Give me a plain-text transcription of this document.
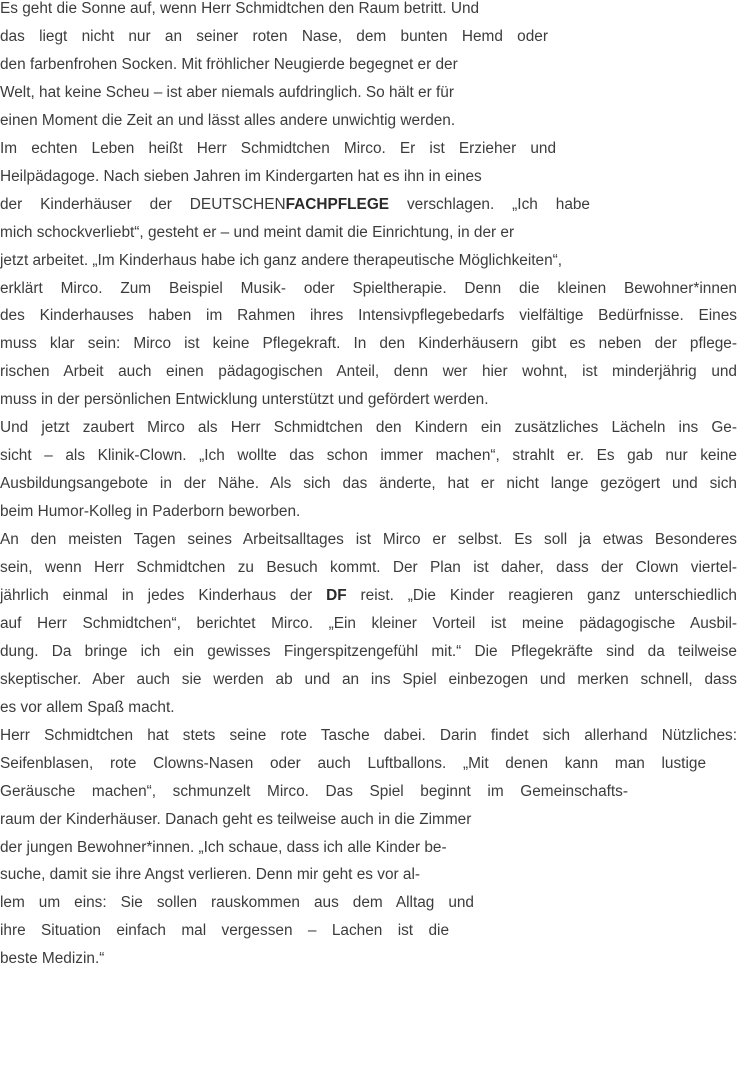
Es geht die Sonne auf, wenn Herr Schmidtchen den Raum betritt. Und
das liegt nicht nur an seiner roten Nase, dem bunten Hemd oder
den farbenfrohen Socken. Mit fröhlicher Neugierde begegnet er der
Welt, hat keine Scheu – ist aber niemals aufdringlich. So hält er für
einen Moment die Zeit an und lässt alles andere unwichtig werden.
Im echten Leben heißt Herr Schmidtchen Mirco. Er ist Erzieher und
Heilpädagoge. Nach sieben Jahren im Kindergarten hat es ihn in eines
der Kinderhäuser der DEUTSCHENFACHPFLEGE verschlagen. „Ich habe
mich schockverliebt“, gesteht er – und meint damit die Einrichtung, in der er
jetzt arbeitet. „Im Kinderhaus habe ich ganz andere therapeutische Möglichkeiten“,
erklärt Mirco. Zum Beispiel Musik- oder Spieltherapie. Denn die kleinen Bewohner*innen
des Kinderhauses haben im Rahmen ihres Intensivpflegebedarfs vielfältige Bedürfnisse. Eines
muss klar sein: Mirco ist keine Pflegekraft. In den Kinderhäusern gibt es neben der pflege-
rischen Arbeit auch einen pädagogischen Anteil, denn wer hier wohnt, ist minderjährig und
muss in der persönlichen Entwicklung unterstützt und gefördert werden.
Und jetzt zaubert Mirco als Herr Schmidtchen den Kindern ein zusätzliches Lächeln ins Ge-
sicht – als Klinik-Clown. „Ich wollte das schon immer machen“, strahlt er. Es gab nur keine
Ausbildungsangebote in der Nähe. Als sich das änderte, hat er nicht lange gezögert und sich
beim Humor-Kolleg in Paderborn beworben.
An den meisten Tagen seines Arbeitsalltages ist Mirco er selbst. Es soll ja etwas Besonderes
sein, wenn Herr Schmidtchen zu Besuch kommt. Der Plan ist daher, dass der Clown viertel-
jährlich einmal in jedes Kinderhaus der DF reist. „Die Kinder reagieren ganz unterschiedlich
auf Herr Schmidtchen“, berichtet Mirco. „Ein kleiner Vorteil ist meine pädagogische Ausbil-
dung. Da bringe ich ein gewisses Fingerspitzengefühl mit.“ Die Pflegekräfte sind da teilweise
skeptischer. Aber auch sie werden ab und an ins Spiel einbezogen und merken schnell, dass
es vor allem Spaß macht.
Herr Schmidtchen hat stets seine rote Tasche dabei. Darin findet sich allerhand Nützliches:
Seifenblasen, rote Clowns-Nasen oder auch Luftballons. „Mit denen kann man lustige
Geräusche machen“, schmunzelt Mirco. Das Spiel beginnt im Gemeinschafts-
raum der Kinderhäuser. Danach geht es teilweise auch in die Zimmer
der jungen Bewohner*innen. „Ich schaue, dass ich alle Kinder be-
suche, damit sie ihre Angst verlieren. Denn mir geht es vor al-
lem um eins: Sie sollen rauskommen aus dem Alltag und
ihre Situation einfach mal vergessen – Lachen ist die
beste Medizin.“
